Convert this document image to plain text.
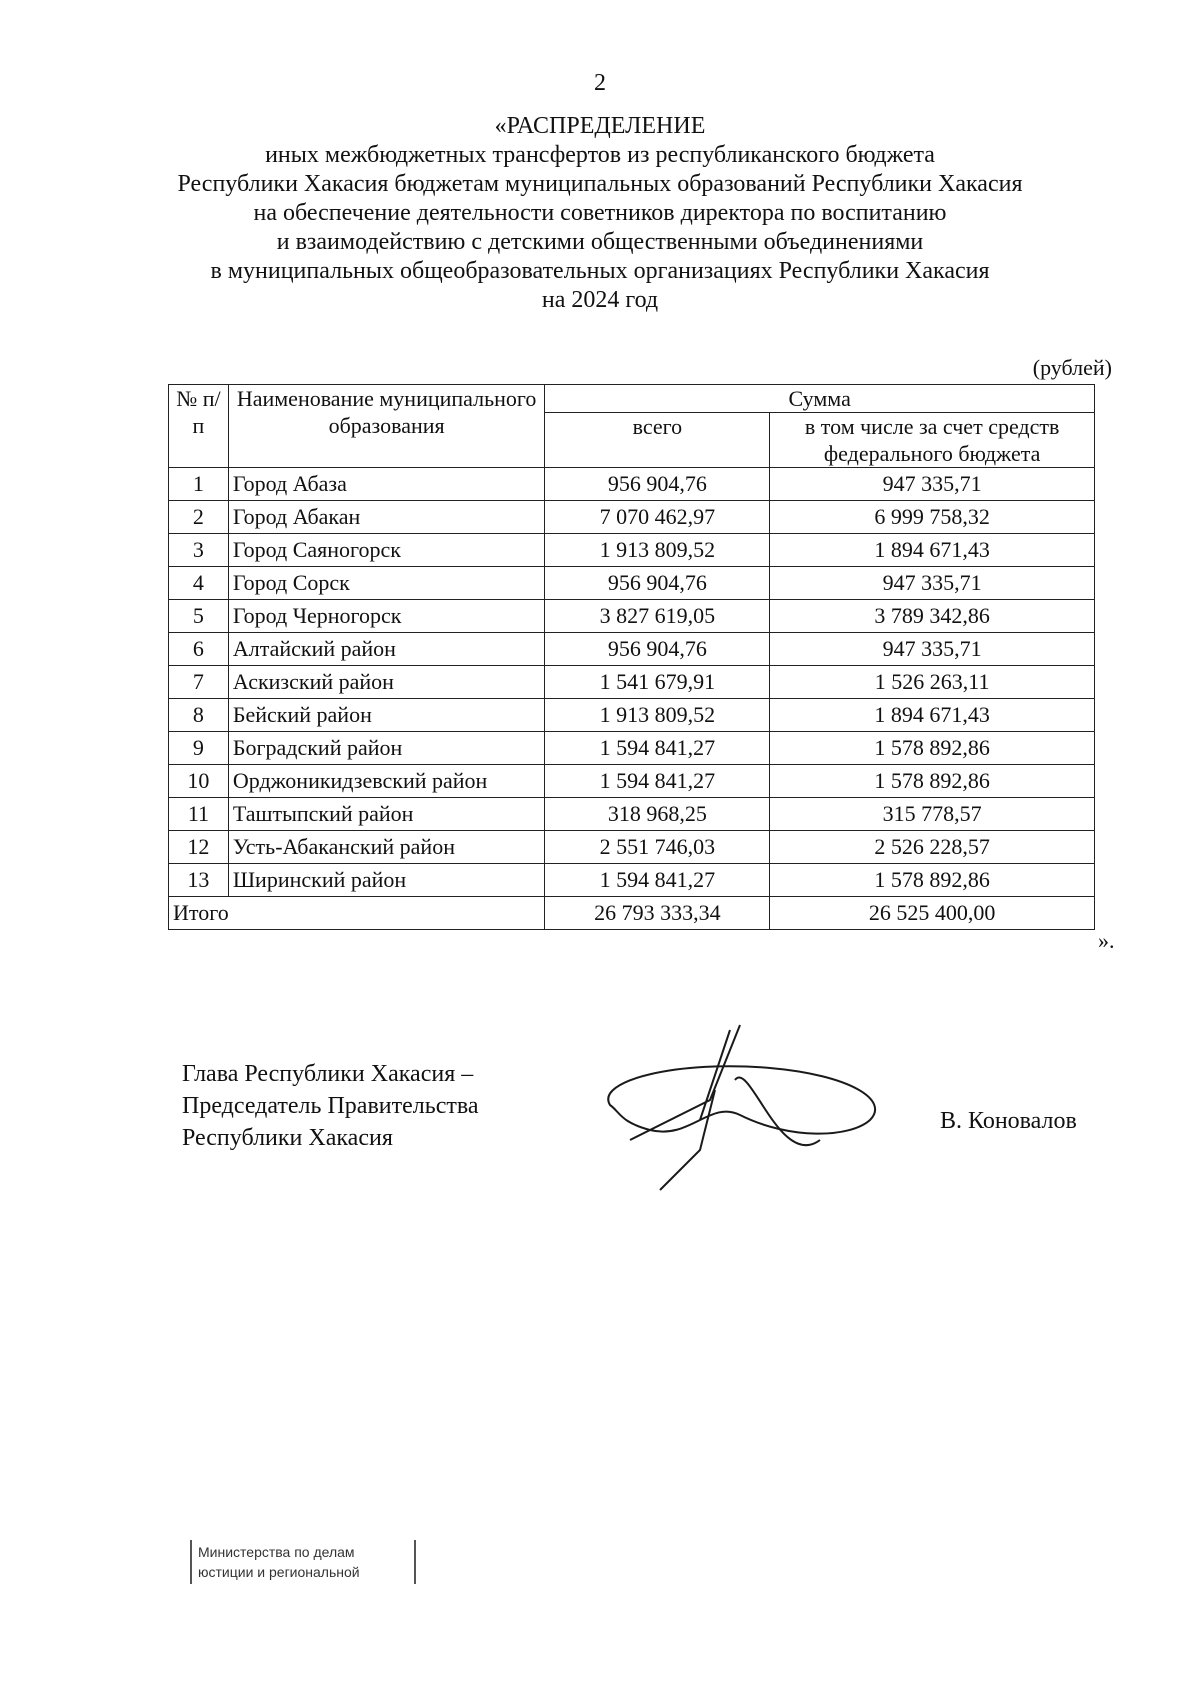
2
«РАСПРЕДЕЛЕНИЕ
иных межбюджетных трансфертов из республиканского бюджета
Республики Хакасия бюджетам муниципальных образований Республики Хакасия
на обеспечение деятельности советников директора по воспитанию
и взаимодействию с детскими общественными объединениями
в муниципальных общеобразовательных организациях Республики Хакасия
на 2024 год
(рублей)
№ п/п	Наименование муниципального образования	Сумма	
		всего	в том числе за счет средств федерального бюджета
1	Город Абаза	956 904,76	947 335,71
2	Город Абакан	7 070 462,97	6 999 758,32
3	Город Саяногорск	1 913 809,52	1 894 671,43
4	Город Сорск	956 904,76	947 335,71
5	Город Черногорск	3 827 619,05	3 789 342,86
6	Алтайский район	956 904,76	947 335,71
7	Аскизский район	1 541 679,91	1 526 263,11
8	Бейский район	1 913 809,52	1 894 671,43
9	Боградский район	1 594 841,27	1 578 892,86
10	Орджоникидзевский район	1 594 841,27	1 578 892,86
11	Таштыпский район	318 968,25	315 778,57
12	Усть-Абаканский район	2 551 746,03	2 526 228,57
13	Ширинский район	1 594 841,27	1 578 892,86
Итого		26 793 333,34	26 525 400,00
».
Глава Республики Хакасия –
Председатель Правительства
Республики Хакасия
В. Коновалов
Министерства по делам
юстиции и региональной
